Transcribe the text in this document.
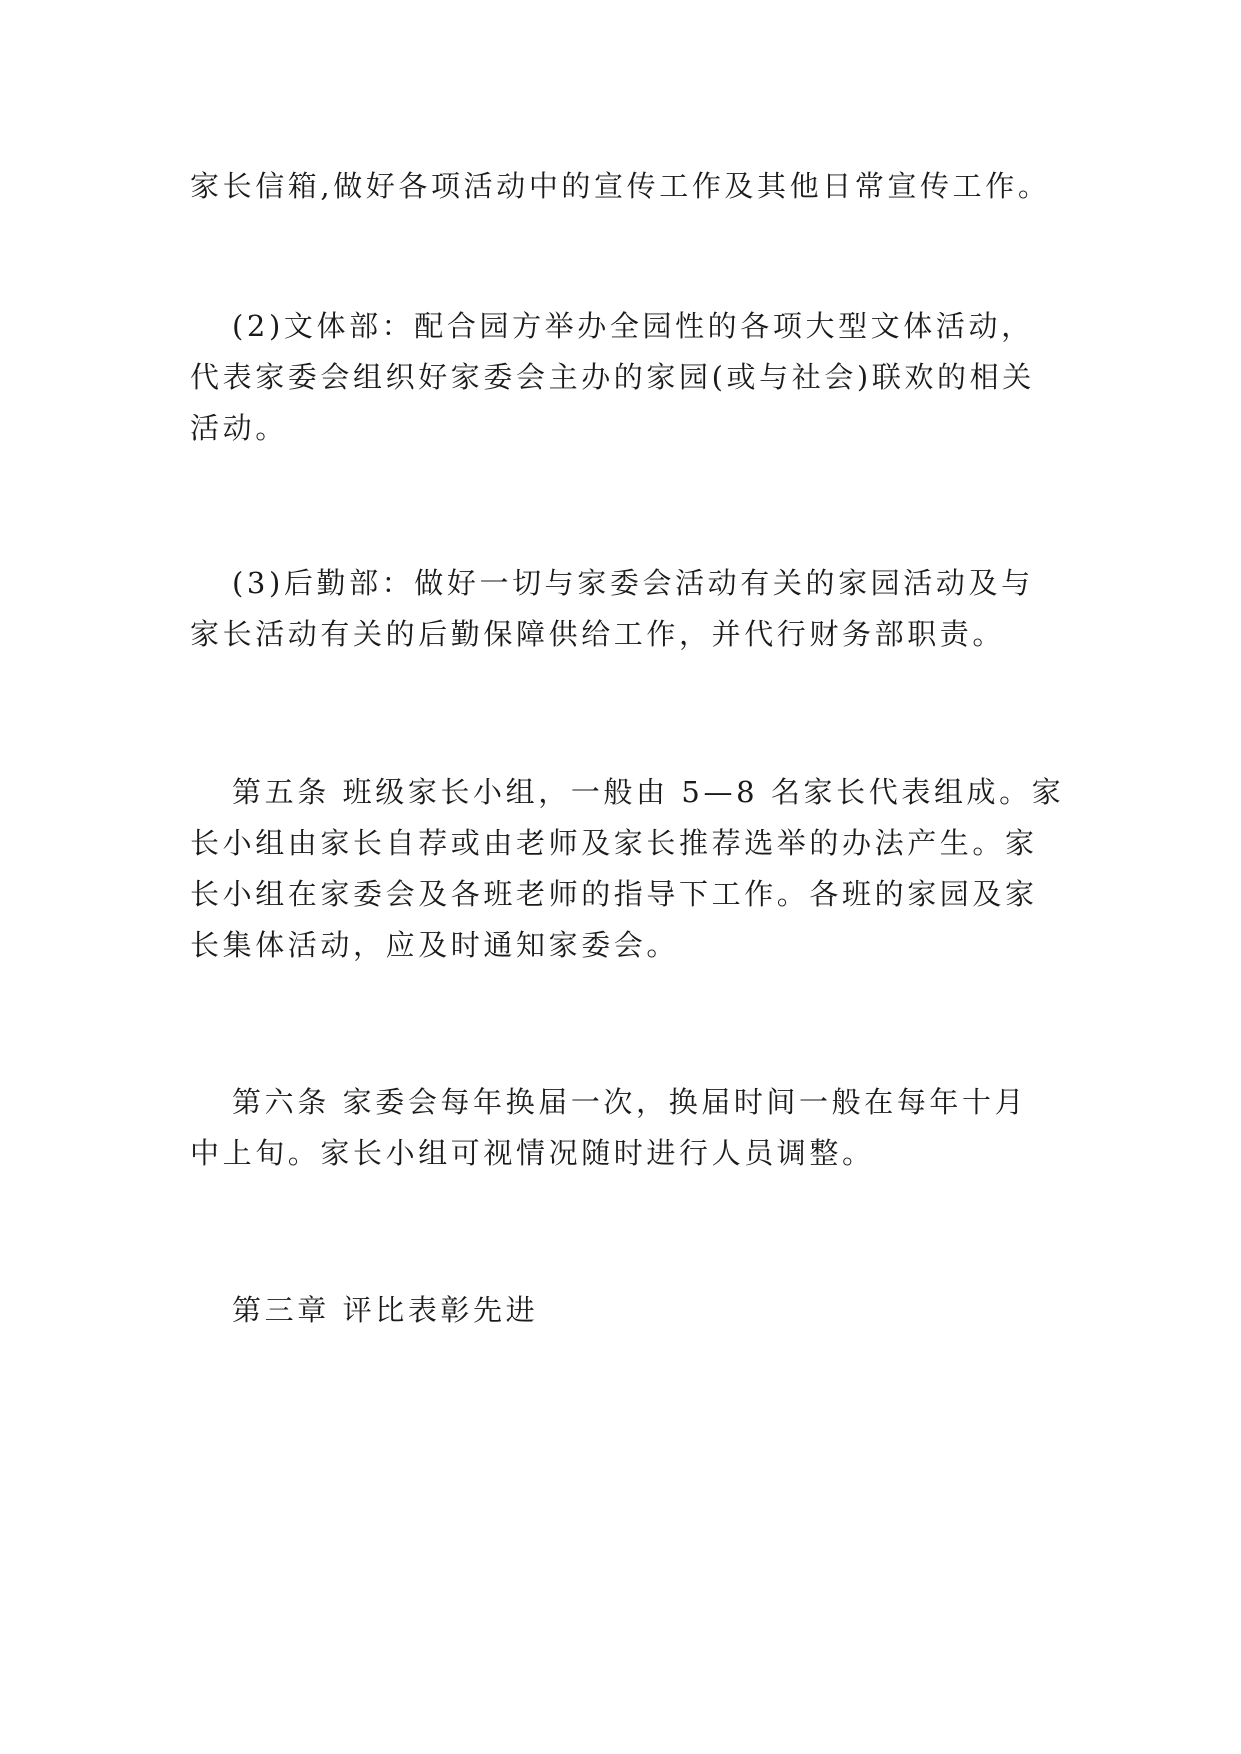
家长信箱,做好各项活动中的宣传工作及其他日常宣传工作。
(2)文体部：配合园方举办全园性的各项大型文体活动，
代表家委会组织好家委会主办的家园(或与社会)联欢的相关
活动。
(3)后勤部：做好一切与家委会活动有关的家园活动及与
家长活动有关的后勤保障供给工作，并代行财务部职责。
第五条 班级家长小组，一般由 5—8 名家长代表组成。家
长小组由家长自荐或由老师及家长推荐选举的办法产生。家
长小组在家委会及各班老师的指导下工作。各班的家园及家
长集体活动，应及时通知家委会。
第六条 家委会每年换届一次，换届时间一般在每年十月
中上旬。家长小组可视情况随时进行人员调整。
第三章 评比表彰先进
